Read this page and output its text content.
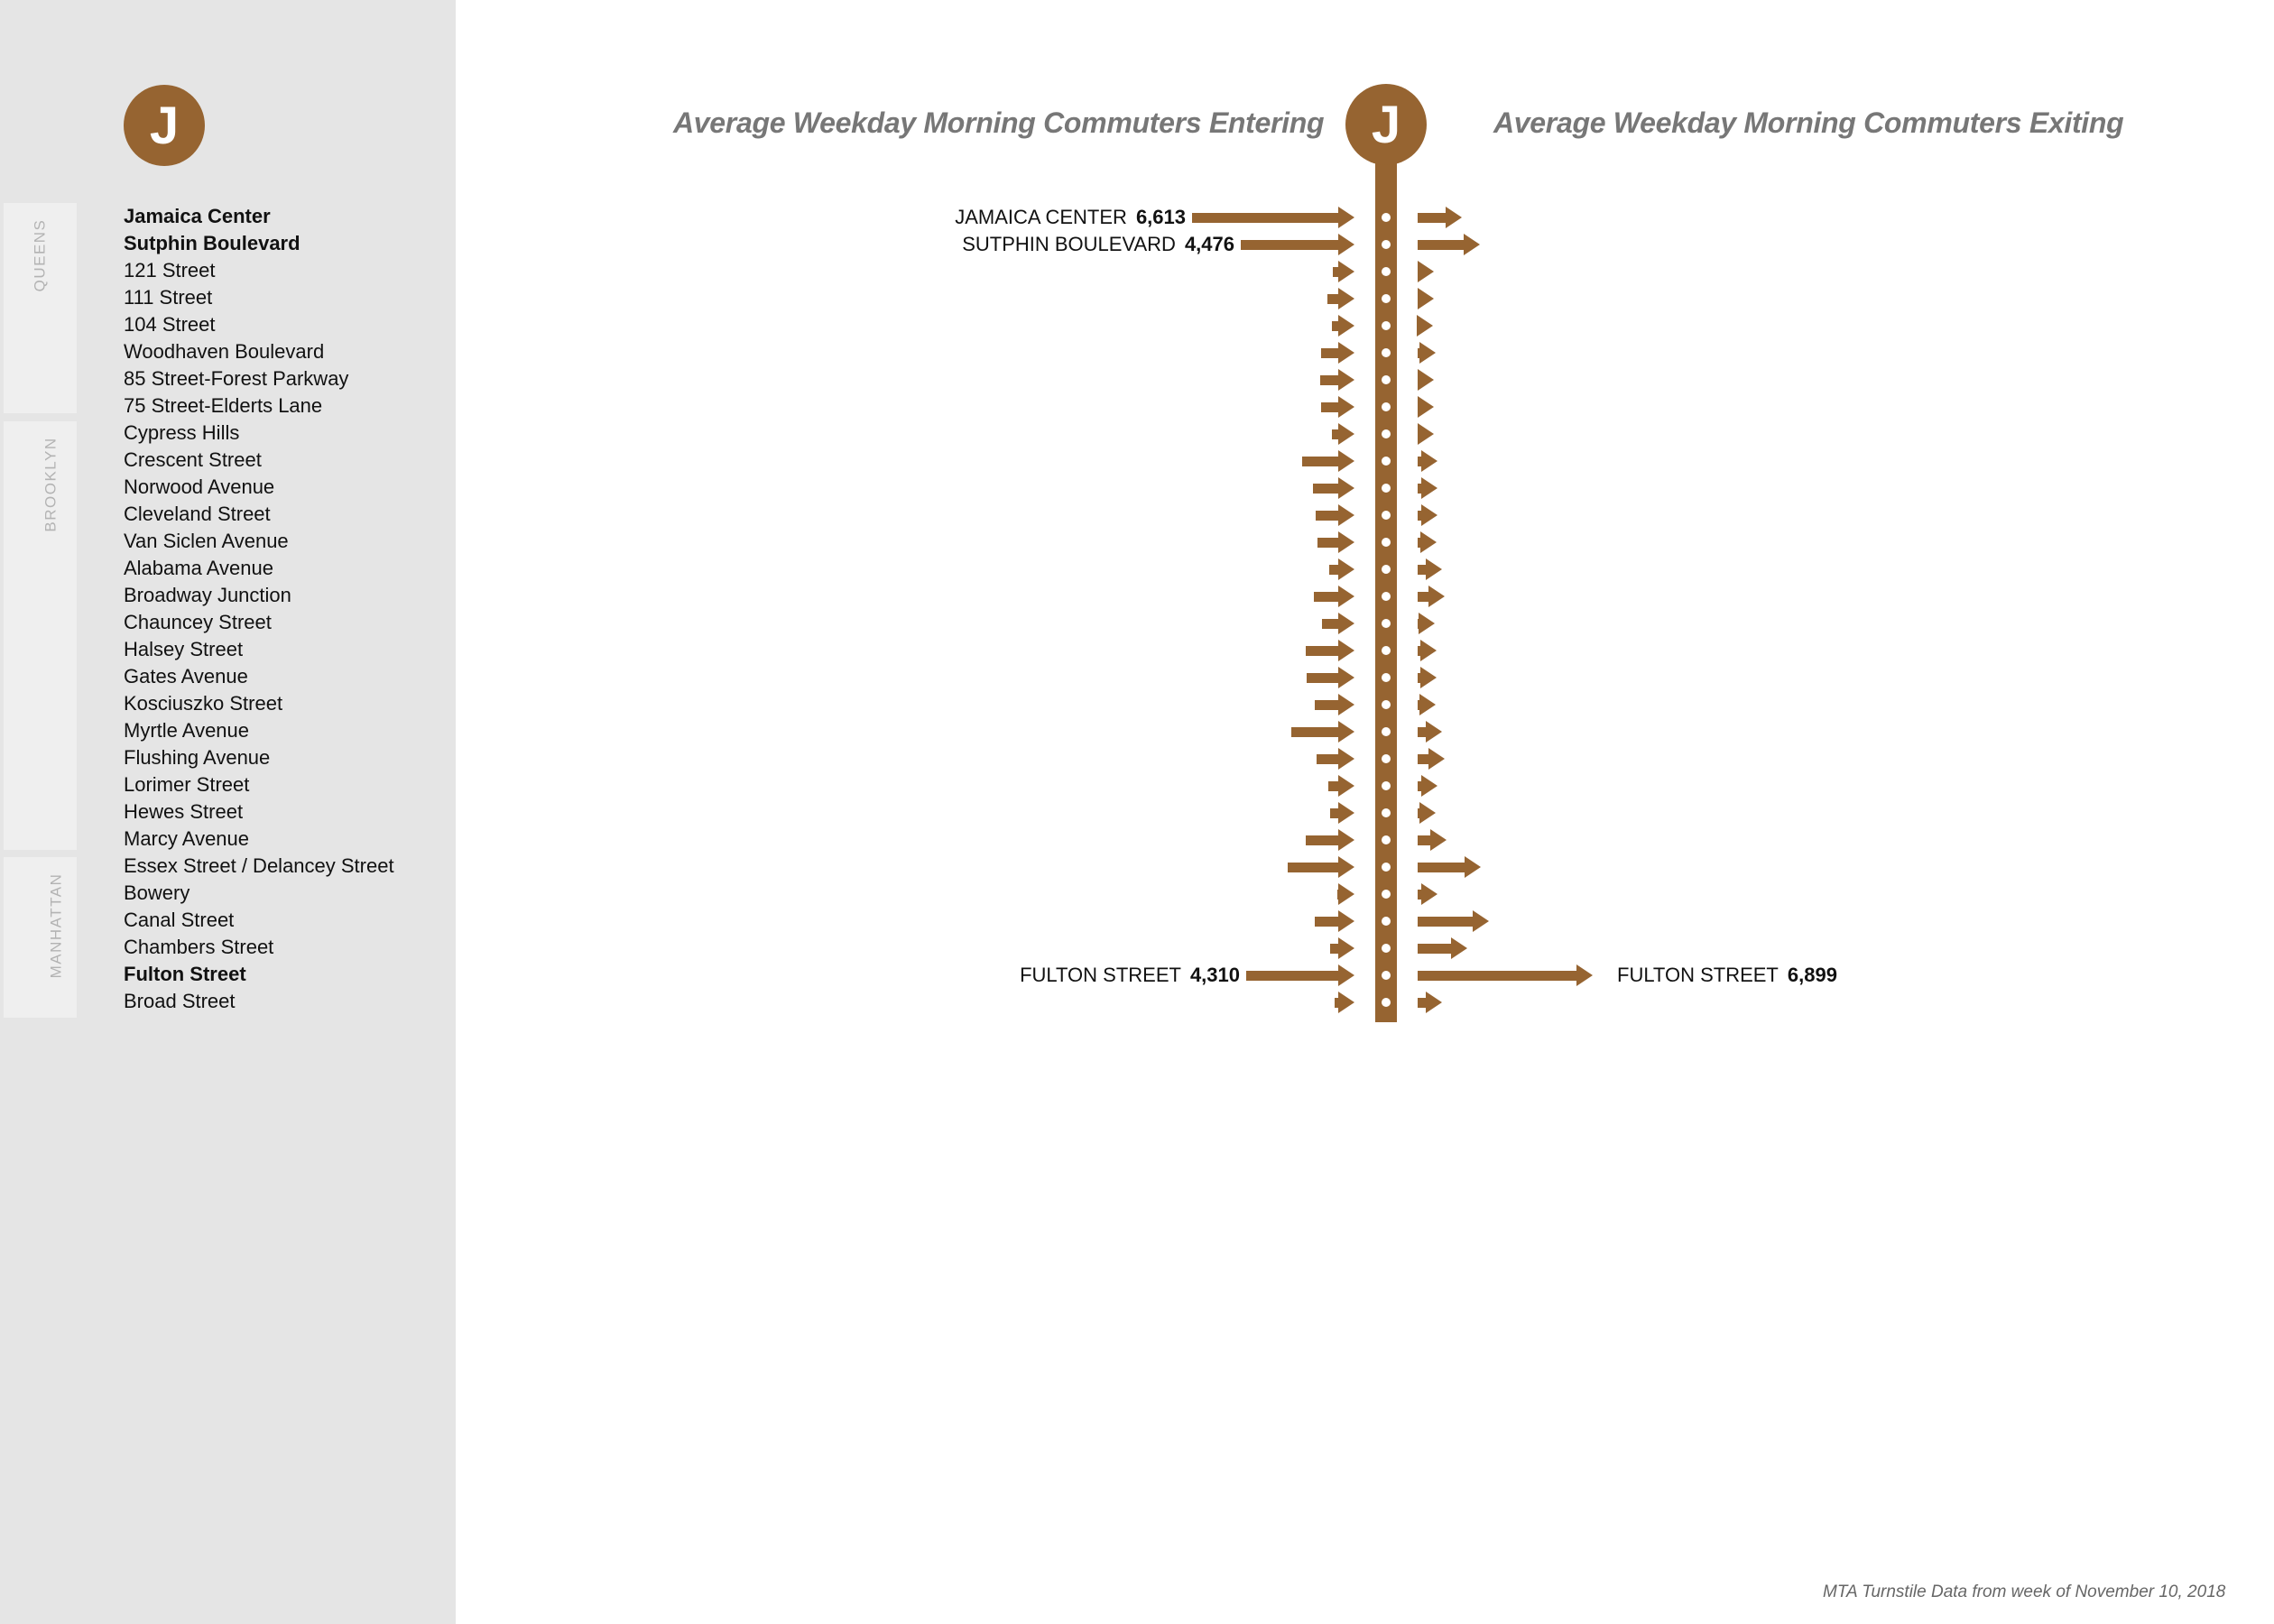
J
QUEENS
BROOKLYN
MANHATTAN
Jamaica Center
Sutphin Boulevard
121 Street
111 Street
104 Street
Woodhaven Boulevard
85 Street-Forest Parkway
75 Street-Elderts Lane
Cypress Hills
Crescent Street
Norwood Avenue
Cleveland Street
Van Siclen Avenue
Alabama Avenue
Broadway Junction
Chauncey Street
Halsey Street
Gates Avenue
Kosciuszko Street
Myrtle Avenue
Flushing Avenue
Lorimer Street
Hewes Street
Marcy Avenue
Essex Street / Delancey Street
Bowery
Canal Street
Chambers Street
Fulton Street
Broad Street
Average Weekday Morning Commuters Entering	Average Weekday Morning Commuters Exiting
J
JAMAICA CENTER 6,613
SUTPHIN BOULEVARD 4,476
FULTON STREET 4,310	FULTON STREET 6,899
MTA Turnstile Data from week of November 10, 2018
